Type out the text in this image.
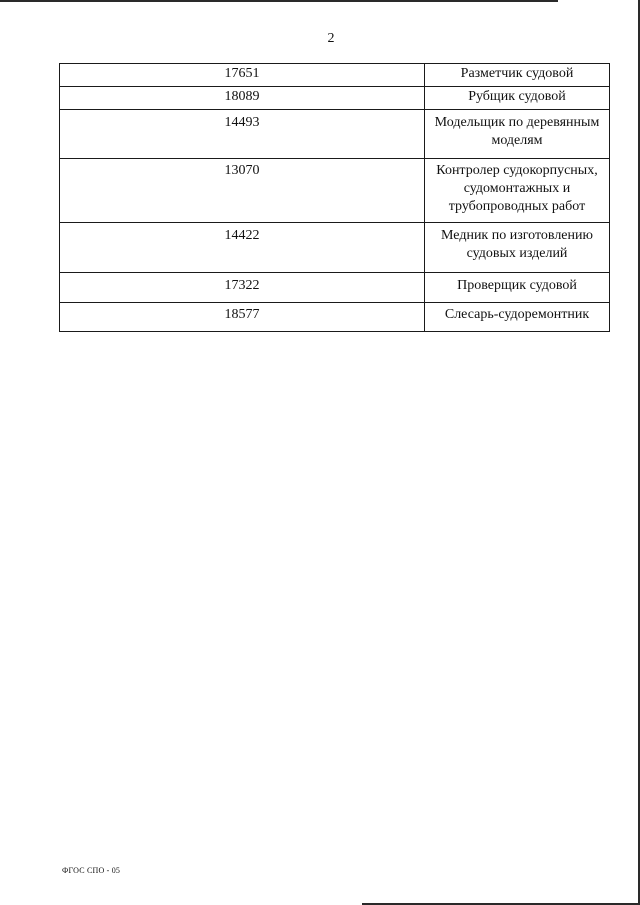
2
17651	Разметчик судовой
18089	Рубщик судовой
14493	Модельщик по деревянным моделям
13070	Контролер судокорпусных, судомонтажных и трубопроводных работ
14422	Медник по изготовлению судовых изделий
17322	Проверщик судовой
18577	Слесарь-судоремонтник
ФГОС СПО - 05
